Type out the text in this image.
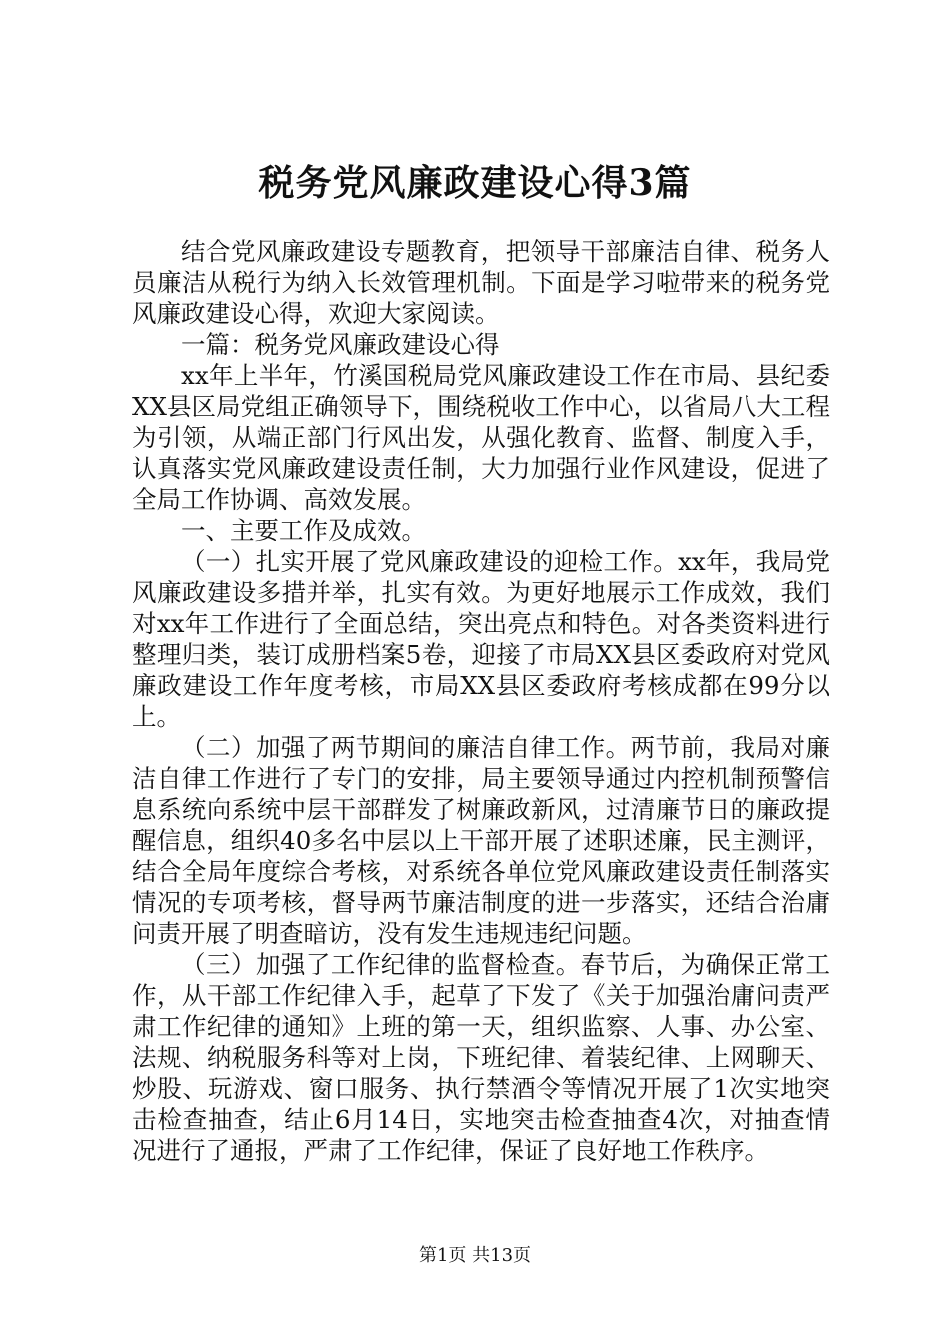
税务党风廉政建设心得3篇

结合党风廉政建设专题教育，把领导干部廉洁自律、税务人员廉洁从税行为纳入长效管理机制。下面是学习啦带来的税务党风廉政建设心得，欢迎大家阅读。

一篇：税务党风廉政建设心得

xx年上半年，竹溪国税局党风廉政建设工作在市局、县纪委XX县区局党组正确领导下，围绕税收工作中心，以省局八大工程为引领，从端正部门行风出发，从强化教育、监督、制度入手，认真落实党风廉政建设责任制，大力加强行业作风建设，促进了全局工作协调、高效发展。

一、主要工作及成效。

（一）扎实开展了党风廉政建设的迎检工作。xx年，我局党风廉政建设多措并举，扎实有效。为更好地展示工作成效，我们对xx年工作进行了全面总结，突出亮点和特色。对各类资料进行整理归类，装订成册档案5卷，迎接了市局XX县区委政府对党风廉政建设工作年度考核，市局XX县区委政府考核成都在99分以上。

（二）加强了两节期间的廉洁自律工作。两节前，我局对廉洁自律工作进行了专门的安排，局主要领导通过内控机制预警信息系统向系统中层干部群发了树廉政新风，过清廉节日的廉政提醒信息，组织40多名中层以上干部开展了述职述廉，民主测评，结合全局年度综合考核，对系统各单位党风廉政建设责任制落实情况的专项考核，督导两节廉洁制度的进一步落实，还结合治庸问责开展了明查暗访，没有发生违规违纪问题。

（三）加强了工作纪律的监督检查。春节后，为确保正常工作，从干部工作纪律入手，起草了下发了《关于加强治庸问责严肃工作纪律的通知》上班的第一天，组织监察、人事、办公室、法规、纳税服务科等对上岗，下班纪律、着装纪律、上网聊天、炒股、玩游戏、窗口服务、执行禁酒令等情况开展了1次实地突击检查抽查，结止6月14日，实地突击检查抽查4次，对抽查情况进行了通报，严肃了工作纪律，保证了良好地工作秩序。

第1页 共13页
